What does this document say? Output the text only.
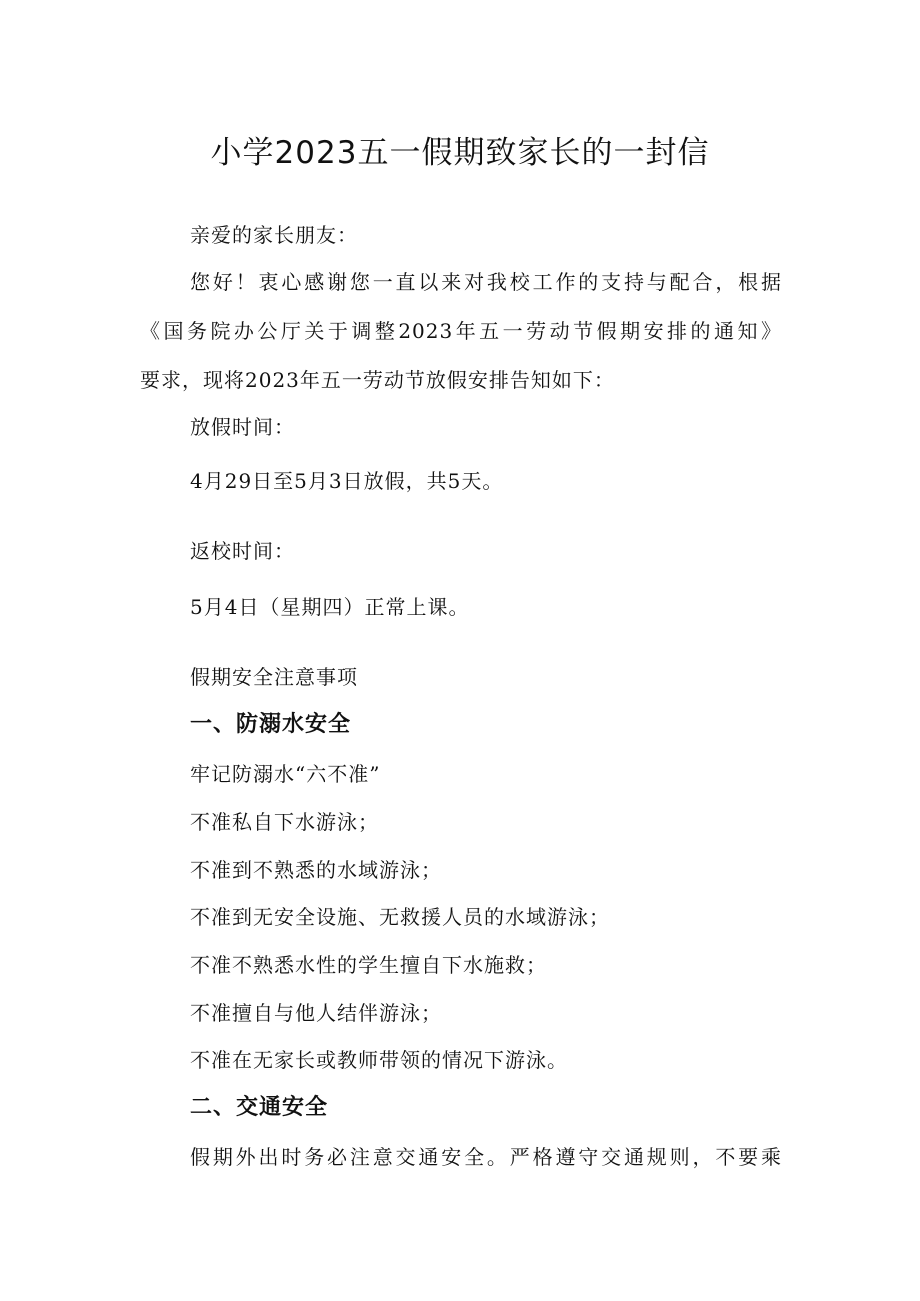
小学2023五一假期致家长的一封信
亲爱的家长朋友：
您好！衷心感谢您一直以来对我校工作的支持与配合，根据
《国务院办公厅关于调整2023年五一劳动节假期安排的通知》
要求，现将2023年五一劳动节放假安排告知如下：
放假时间：
4月29日至5月3日放假，共5天。
返校时间：
5月4日（星期四）正常上课。
假期安全注意事项
一、防溺水安全
牢记防溺水“六不准”
不准私自下水游泳；
不准到不熟悉的水域游泳；
不准到无安全设施、无救援人员的水域游泳；
不准不熟悉水性的学生擅自下水施救；
不准擅自与他人结伴游泳；
不准在无家长或教师带领的情况下游泳。
二、交通安全
假期外出时务必注意交通安全。严格遵守交通规则，不要乘
